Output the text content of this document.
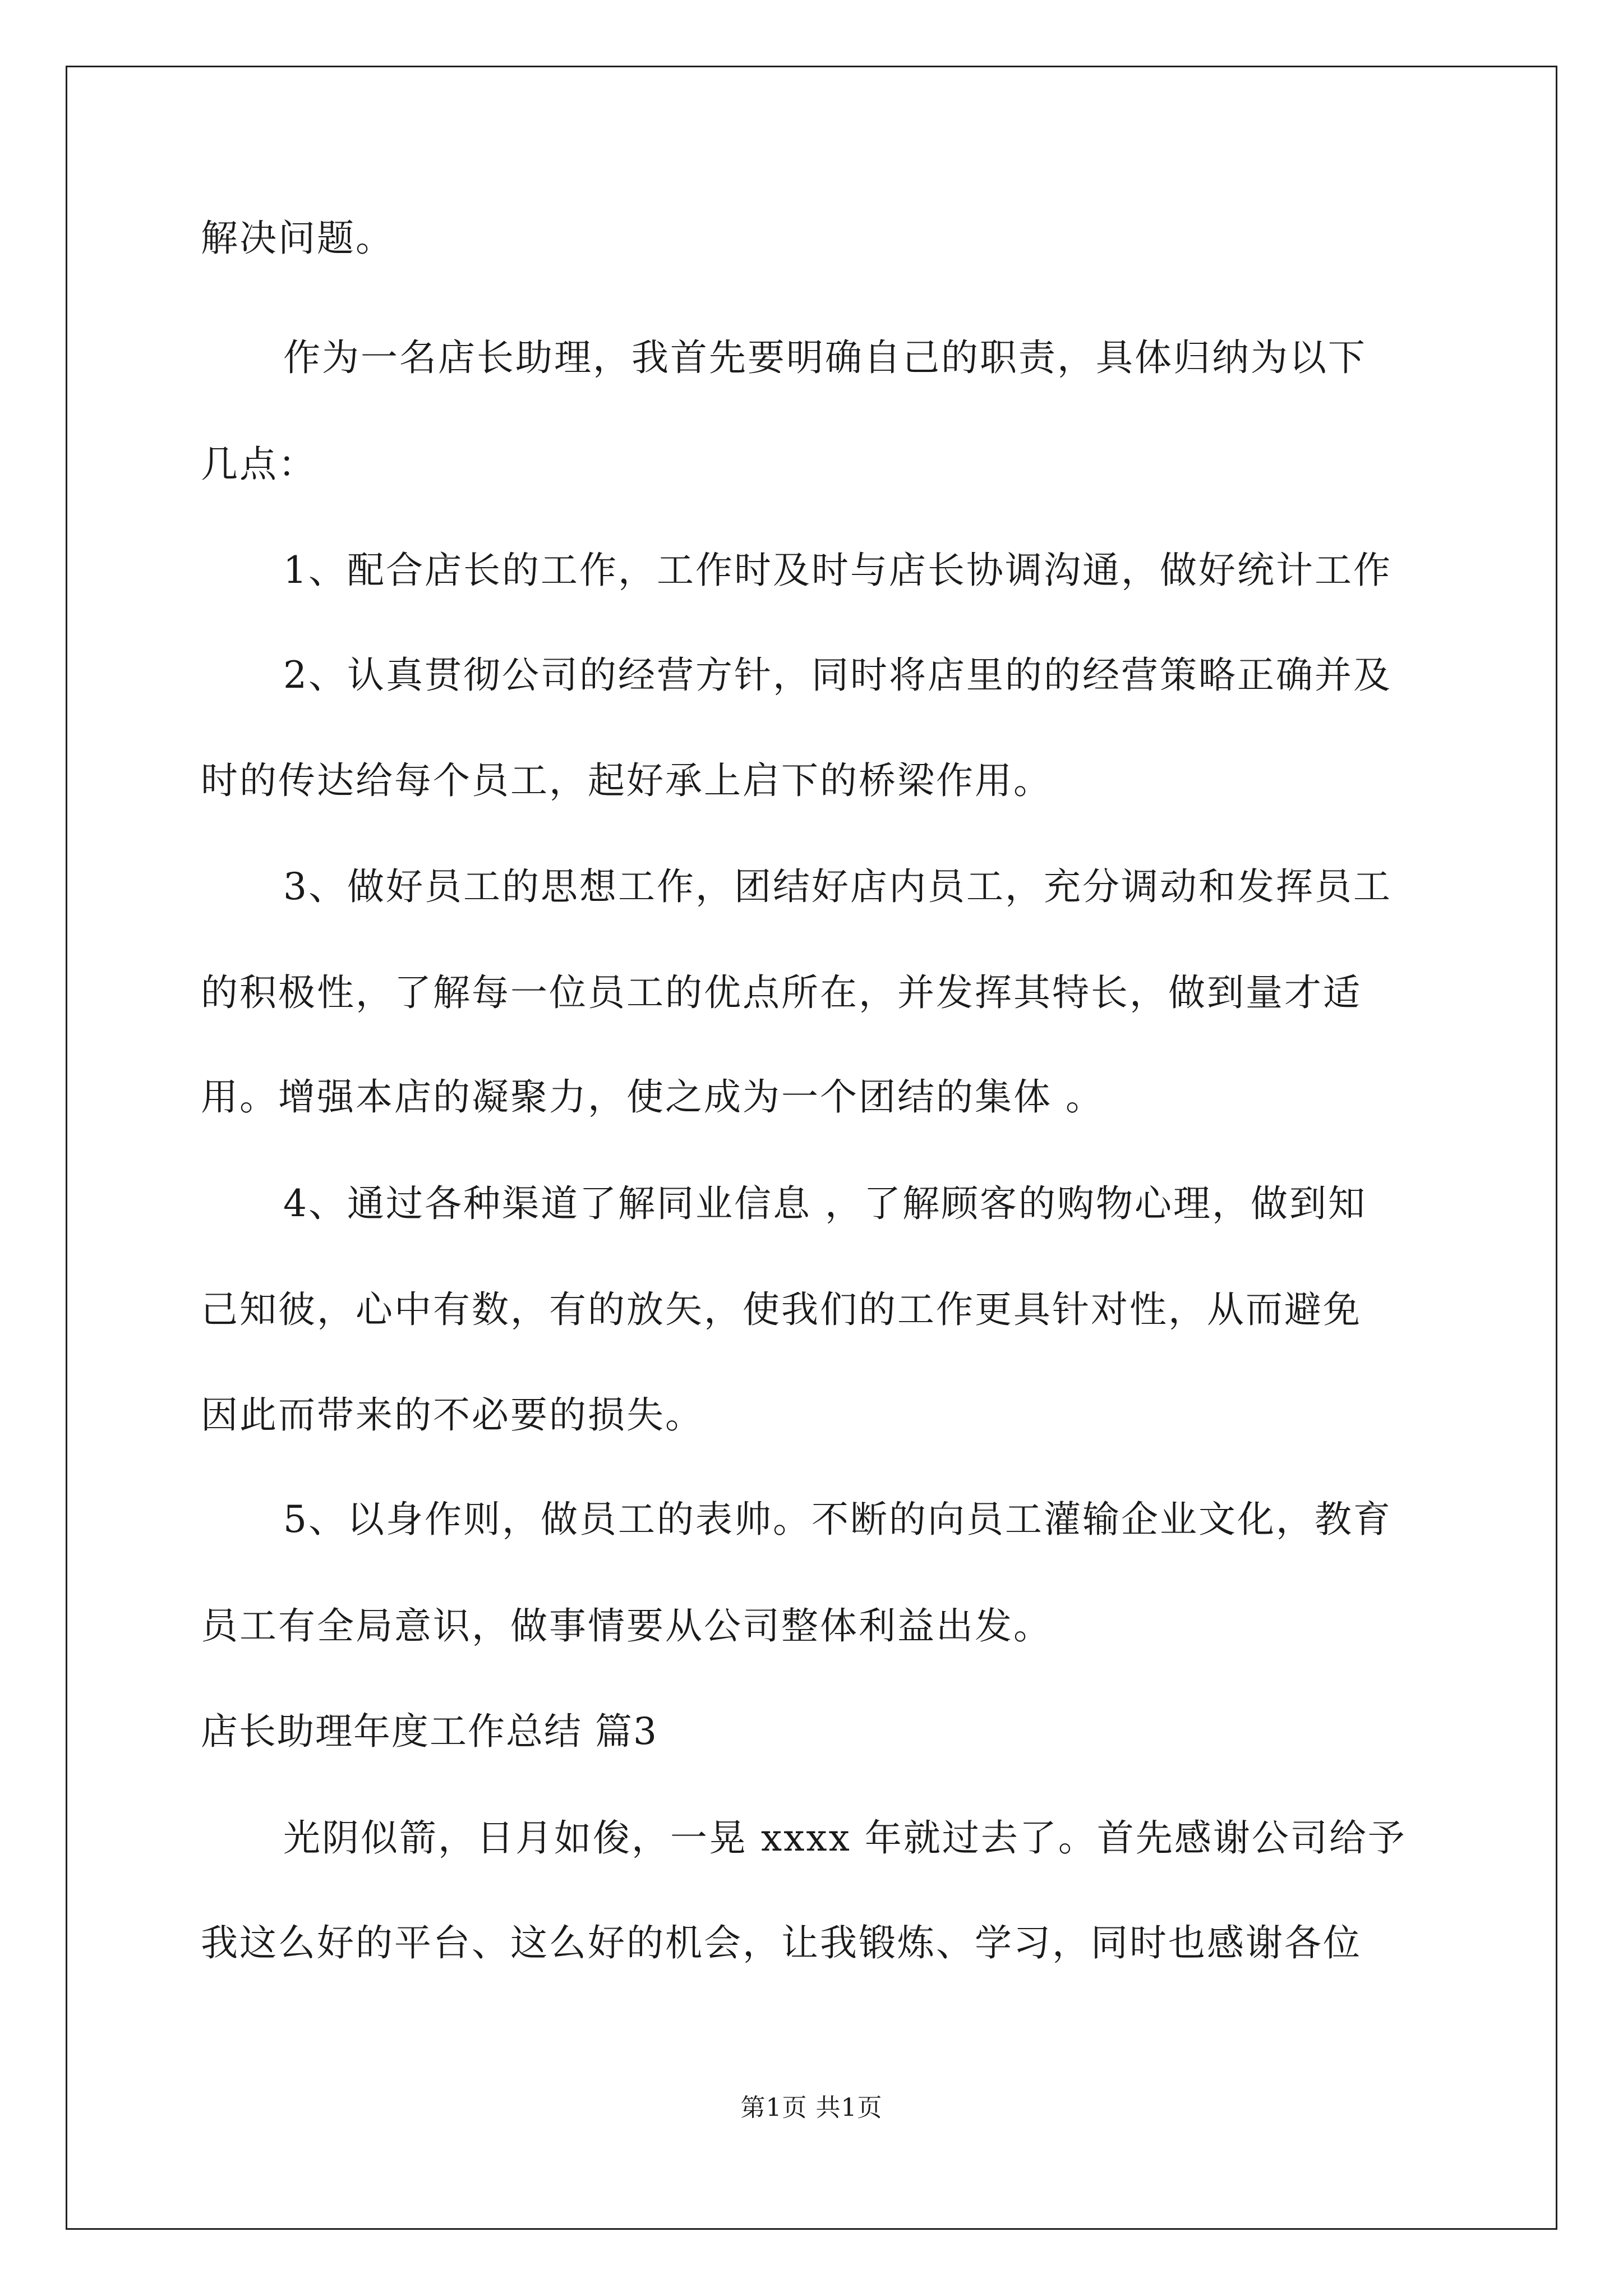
解决问题。
作为一名店长助理，我首先要明确自己的职责，具体归纳为以下
几点：
1、配合店长的工作，工作时及时与店长协调沟通，做好统计工作
2、认真贯彻公司的经营方针，同时将店里的的经营策略正确并及
时的传达给每个员工，起好承上启下的桥梁作用。
3、做好员工的思想工作，团结好店内员工，充分调动和发挥员工
的积极性，了解每一位员工的优点所在，并发挥其特长，做到量才适
用。增强本店的凝聚力，使之成为一个团结的集体 。
4、通过各种渠道了解同业信息 ，了解顾客的购物心理，做到知
己知彼，心中有数，有的放矢，使我们的工作更具针对性，从而避免
因此而带来的不必要的损失。
5、以身作则，做员工的表帅。不断的向员工灌输企业文化，教育
员工有全局意识，做事情要从公司整体利益出发。
店长助理年度工作总结 篇3
光阴似箭，日月如俊，一晃 xxxx 年就过去了。首先感谢公司给予
我这么好的平台、这么好的机会，让我锻炼、学习，同时也感谢各位
第1页 共1页
